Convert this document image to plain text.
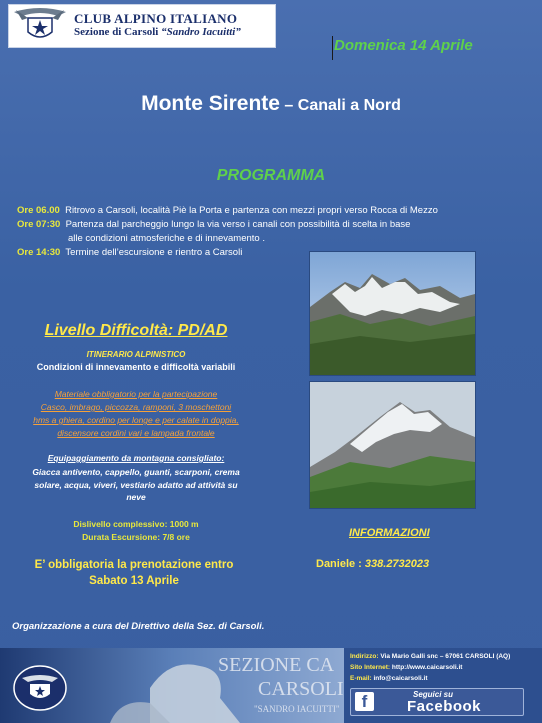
CLUB ALPINO ITALIANO
Sezione di Carsoli “Sandro Iacuitti”
Domenica 14 Aprile
Monte Sirente – Canali a Nord
PROGRAMMA
Ore 06.00 Ritrovo a Carsoli, località Piè la Porta e partenza con mezzi propri verso Rocca di Mezzo
Ore 07:30 Partenza dal parcheggio lungo la via verso i canali con possibilità di scelta in base
alle condizioni atmosferiche e di innevamento .
Ore 14:30 Termine dell’escursione e rientro a Carsoli
Livello Difficoltà: PD/AD
ITINERARIO ALPINISTICO
Condizioni di innevamento e difficoltà variabili
Materiale obbligatorio per la partecipazione
Casco, imbrago, piccozza, ramponi, 3 moschettoni
hms a ghiera, cordino per longe e per calate in doppia,
discensore cordini vari e lampada frontale
Equipaggiamento da montagna consigliato:
Giacca antivento, cappello, guanti, scarponi, crema
solare, acqua, viveri, vestiario adatto ad attività su
neve
Dislivello complessivo: 1000 m
Durata Escursione: 7/8 ore
E’ obbligatoria la prenotazione entro
Sabato 13 Aprile
INFORMAZIONI
Daniele : 338.2732023
Organizzazione a cura del Direttivo della Sez. di Carsoli.
SEZIONE CA
CARSOLI
"SANDRO IACUITTI"
Indirizzo: Via Mario Galli snc – 67061 CARSOLI (AQ)
Sito Internet: http://www.caicarsoli.it
E-mail: info@caicarsoli.it
f	Seguici su
Facebook
